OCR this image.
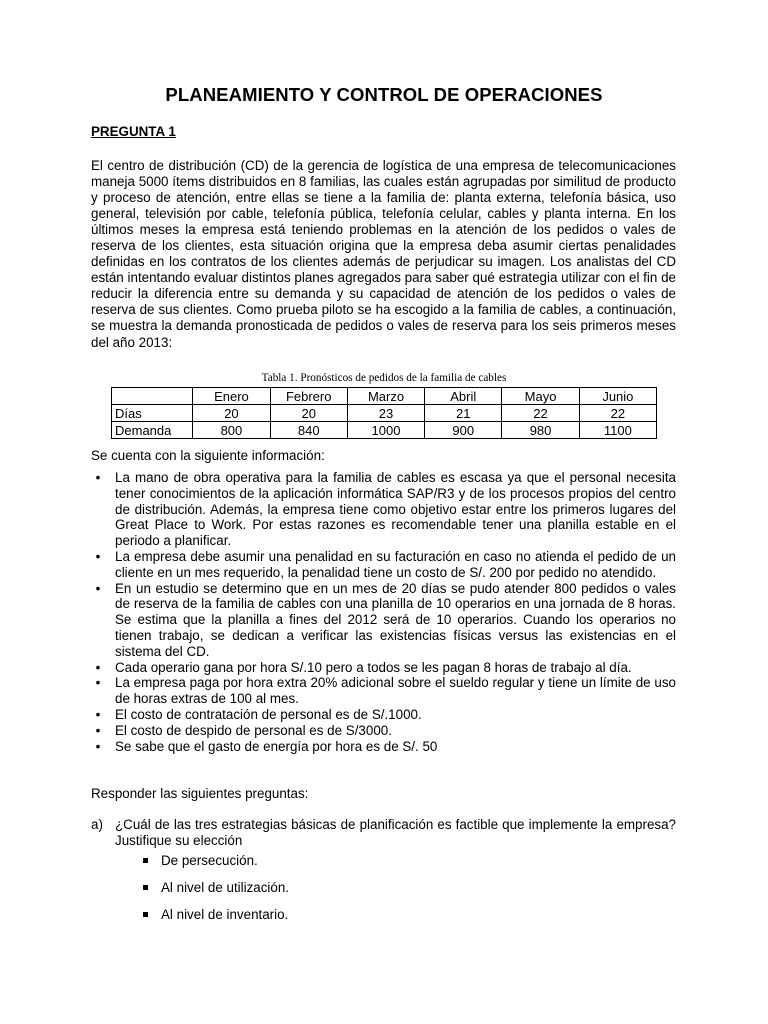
PLANEAMIENTO Y CONTROL DE OPERACIONES
PREGUNTA 1

El centro de distribución (CD) de la gerencia de logística de una empresa de telecomunicaciones maneja 5000 ítems distribuidos en 8 familias, las cuales están agrupadas por similitud de producto y proceso de atención, entre ellas se tiene a la familia de: planta externa, telefonía básica, uso general, televisión por cable, telefonía pública, telefonía celular, cables y planta interna. En los últimos meses la empresa está teniendo problemas en la atención de los pedidos o vales de reserva de los clientes, esta situación origina que la empresa deba asumir ciertas penalidades definidas en los contratos de los clientes además de perjudicar su imagen. Los analistas del CD están intentando evaluar distintos planes agregados para saber qué estrategia utilizar con el fin de reducir la diferencia entre su demanda y su capacidad de atención de los pedidos o vales de reserva de sus clientes. Como prueba piloto se ha escogido a la familia de cables, a continuación, se muestra la demanda pronosticada de pedidos o vales de reserva para los seis primeros meses del año 2013:

Tabla 1. Pronósticos de pedidos de la familia de cables
	Enero	Febrero	Marzo	Abril	Mayo	Junio
Días	20	20	23	21	22	22
Demanda	800	840	1000	900	980	1100
Se cuenta con la siguiente información:
•	La mano de obra operativa para la familia de cables es escasa ya que el personal necesita tener conocimientos de la aplicación informática SAP/R3 y de los procesos propios del centro de distribución. Además, la empresa tiene como objetivo estar entre los primeros lugares del Great Place to Work. Por estas razones es recomendable tener una planilla estable en el periodo a planificar.
•	La empresa debe asumir una penalidad en su facturación en caso no atienda el pedido de un cliente en un mes requerido, la penalidad tiene un costo de S/. 200 por pedido no atendido.
•	En un estudio se determino que en un mes de 20 días se pudo atender 800 pedidos o vales de reserva de la familia de cables con una planilla de 10 operarios en una jornada de 8 horas. Se estima que la planilla a fines del 2012 será de 10 operarios. Cuando los operarios no tienen trabajo, se dedican a verificar las existencias físicas versus las existencias en el sistema del CD.
•	Cada operario gana por hora S/.10 pero a todos se les pagan 8 horas de trabajo al día.
•	La empresa paga por hora extra 20% adicional sobre el sueldo regular y tiene un límite de uso de horas extras de 100 al mes.
•	El costo de contratación de personal es de S/.1000.
•	El costo de despido de personal es de S/3000.
•	Se sabe que el gasto de energía por hora es de S/. 50
Responder las siguientes preguntas:
a) ¿Cuál de las tres estrategias básicas de planificación es factible que implemente la empresa? Justifique su elección
De persecución.
Al nivel de utilización.
Al nivel de inventario.
